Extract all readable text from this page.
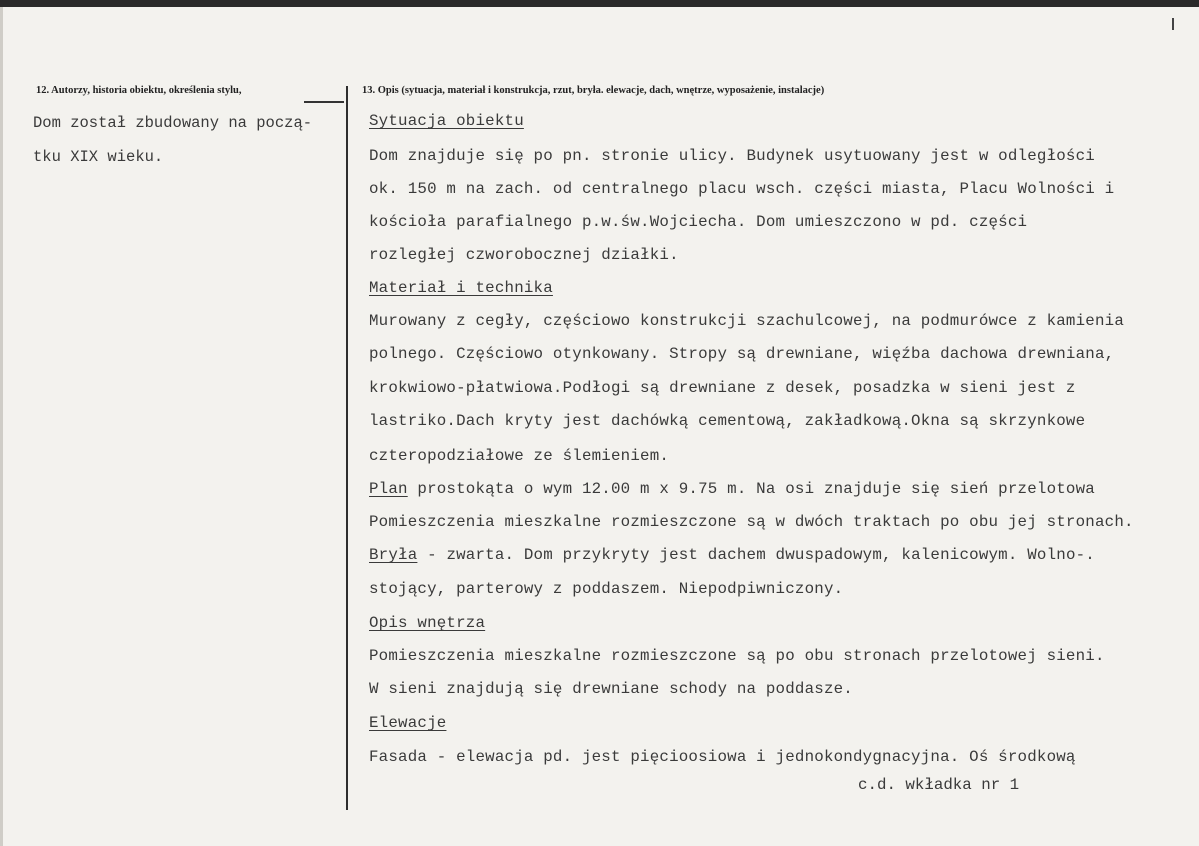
12. Autorzy, historia obiektu, określenia stylu,	13. Opis (sytuacja, materiał i konstrukcja, rzut, bryła. elewacje, dach, wnętrze, wyposażenie, instalacje)
Dom został zbudowany na począ-
tku XIX wieku.
Sytuacja obiektu
Dom znajduje się po pn. stronie ulicy. Budynek usytuowany jest w odległości
ok. 150 m na zach. od centralnego placu wsch. części miasta, Placu Wolności i
kościoła parafialnego p.w.św.Wojciecha. Dom umieszczono w pd. części
rozległej czworobocznej działki.
Materiał i technika
Murowany z cegły, częściowo konstrukcji szachulcowej, na podmurówce z kamienia
polnego. Częściowo otynkowany. Stropy są drewniane, więźba dachowa drewniana,
krokwiowo-płatwiowa.Podłogi są drewniane z desek, posadzka w sieni jest z
lastriko.Dach kryty jest dachówką cementową, zakładkową.Okna są skrzynkowe
czteropodziałowe ze ślemieniem.
Plan prostokąta o wym 12.00 m x 9.75 m. Na osi znajduje się sień przelotowa
Pomieszczenia mieszkalne rozmieszczone są w dwóch traktach po obu jej stronach.
Bryła - zwarta. Dom przykryty jest dachem dwuspadowym, kalenicowym. Wolno-.
stojący, parterowy z poddaszem. Niepodpiwniczony.
Opis wnętrza
Pomieszczenia mieszkalne rozmieszczone są po obu stronach przelotowej sieni.
W sieni znajdują się drewniane schody na poddasze.
Elewacje
Fasada - elewacja pd. jest pięcioosiowa i jednokondygnacyjna. Oś środkową
c.d. wkładka nr 1
